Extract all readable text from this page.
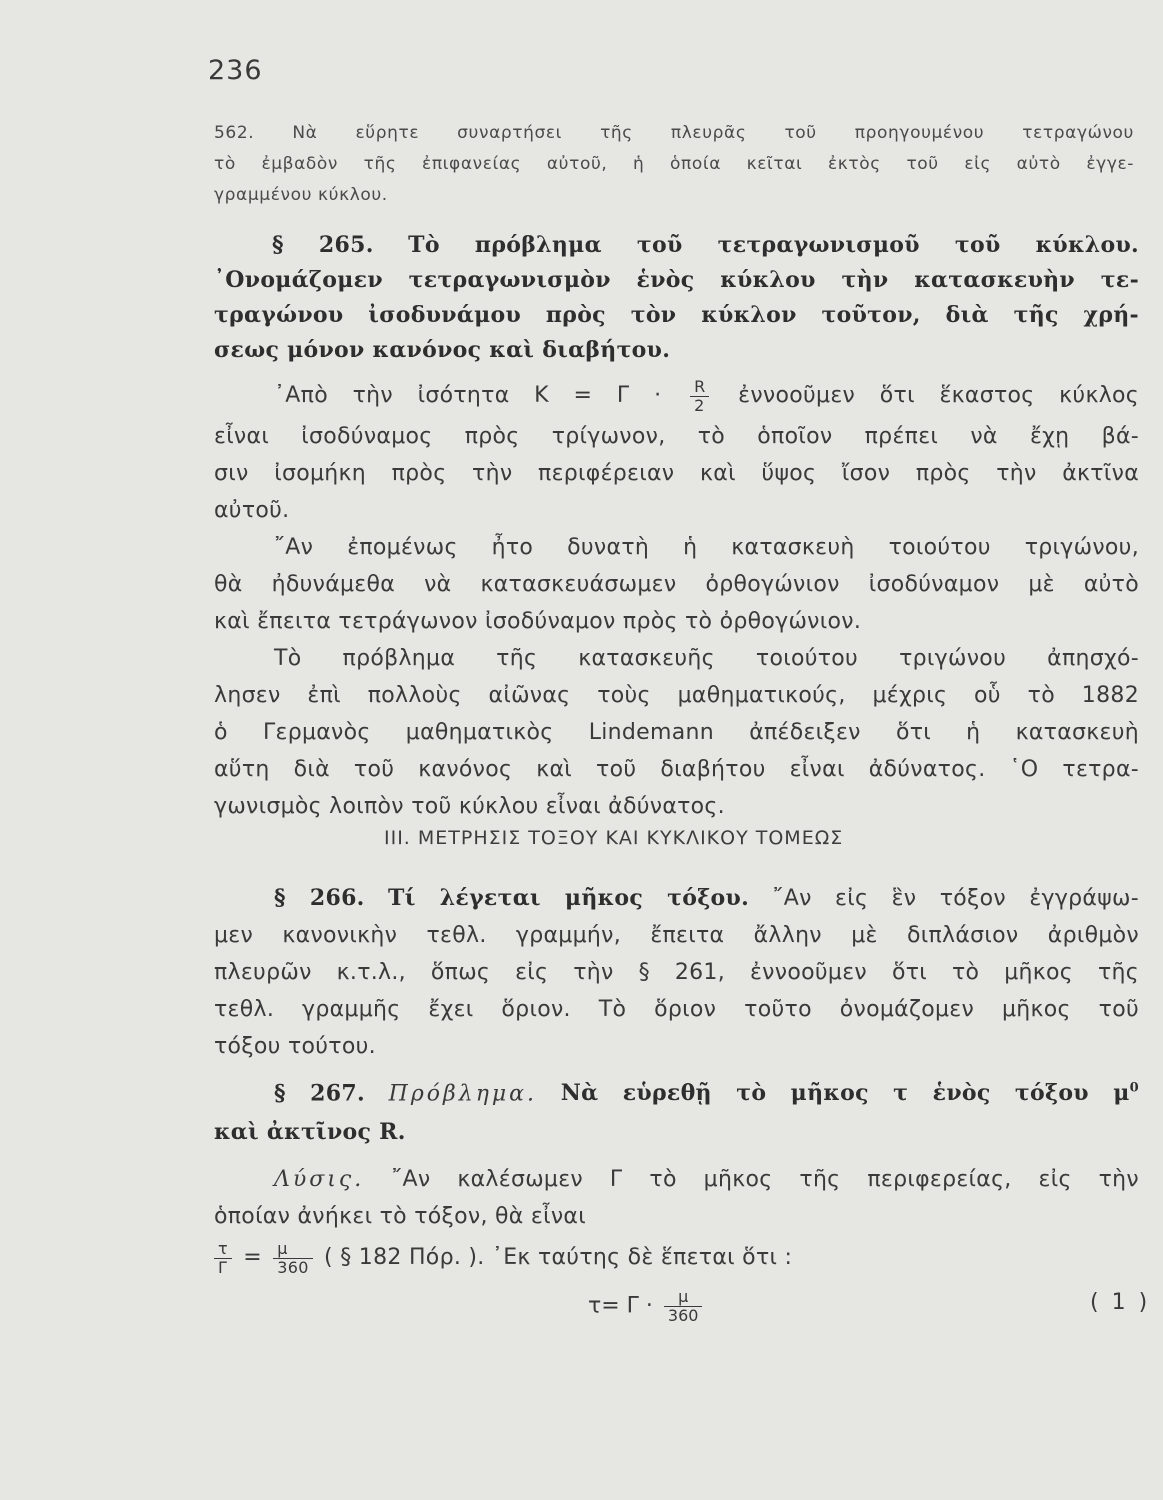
236
562. Νὰ εὕρητε συναρτήσει τῆς πλευρᾶς τοῦ προηγουμένου τετραγώνου
τὸ ἐμβαδὸν τῆς ἐπιφανείας αὐτοῦ, ἡ ὁποία κεῖται ἐκτὸς τοῦ εἰς αὐτὸ ἐγγε-
γραμμένου κύκλου.
§ 265. Τὸ πρόβλημα τοῦ τετραγωνισμοῦ τοῦ κύκλου.
᾿Ονομάζομεν τετραγωνισμὸν ἑνὸς κύκλου τὴν κατασκευὴν τε-
τραγώνου ἰσοδυνάμου πρὸς τὸν κύκλον τοῦτον, διὰ τῆς χρή-
σεως μόνον κανόνος καὶ διαβήτου.
᾿Απὸ τὴν ἰσότητα $K = \Gamma \cdot \frac{R}{2}$ ἐννοοῦμεν ὅτι ἕκαστος κύκλος
εἶναι ἰσοδύναμος πρὸς τρίγωνον, τὸ ὁποῖον πρέπει νὰ ἔχῃ βά-
σιν ἰσομήκη πρὸς τὴν περιφέρειαν καὶ ὕψος ἴσον πρὸς τὴν ἀκτῖνα
αὐτοῦ.
῎Αν ἐπομένως ἦτο δυνατὴ ἡ κατασκευὴ τοιούτου τριγώνου,
θὰ ἠδυνάμεθα νὰ κατασκευάσωμεν ὀρθογώνιον ἰσοδύναμον μὲ αὐτὸ
καὶ ἔπειτα τετράγωνον ἰσοδύναμον πρὸς τὸ ὀρθογώνιον.
Τὸ πρόβλημα τῆς κατασκευῆς τοιούτου τριγώνου ἀπησχό-
λησεν ἐπὶ πολλοὺς αἰῶνας τοὺς μαθηματικούς, μέχρις οὗ τὸ 1882
ὁ Γερμανὸς μαθηματικὸς Lindemann ἀπέδειξεν ὅτι ἡ κατασκευὴ
αὕτη διὰ τοῦ κανόνος καὶ τοῦ διαβήτου εἶναι ἀδύνατος. ῾Ο τετρα-
γωνισμὸς λοιπὸν τοῦ κύκλου εἶναι ἀδύνατος.
ΙΙΙ. ΜΕΤΡΗΣΙΣ ΤΟΞΟΥ ΚΑΙ ΚΥΚΛΙΚΟΥ ΤΟΜΕΩΣ
§ 266. Τί λέγεται μῆκος τόξου. ῎Αν εἰς ἓν τόξον ἐγγράψω-
μεν κανονικὴν τεθλ. γραμμήν, ἔπειτα ἄλλην μὲ διπλάσιον ἀριθμὸν
πλευρῶν κ.τ.λ., ὅπως εἰς τὴν § 261, ἐννοοῦμεν ὅτι τὸ μῆκος τῆς
τεθλ. γραμμῆς ἔχει ὅριον. Τὸ ὅριον τοῦτο ὀνομάζομεν μῆκος τοῦ
τόξου τούτου.
§ 267. Πρόβλημα. Νὰ εὑρεθῇ τὸ μῆκος τ ἑνὸς τόξου $\mu^0$
καὶ ἀκτῖνος R.
Λύσις. ῎Αν καλέσωμεν Γ τὸ μῆκος τῆς περιφερείας, εἰς τὴν
ὁποίαν ἀνήκει τὸ τόξον, θὰ εἶναι
$\frac{\tau}{\Gamma} = \frac{\mu}{360}$ ( § 182 Πόρ. ). ᾿Εκ ταύτης δὲ ἕπεται ὅτι :
$\tau= \Gamma \cdot \frac{\mu}{360}$	( 1 )
